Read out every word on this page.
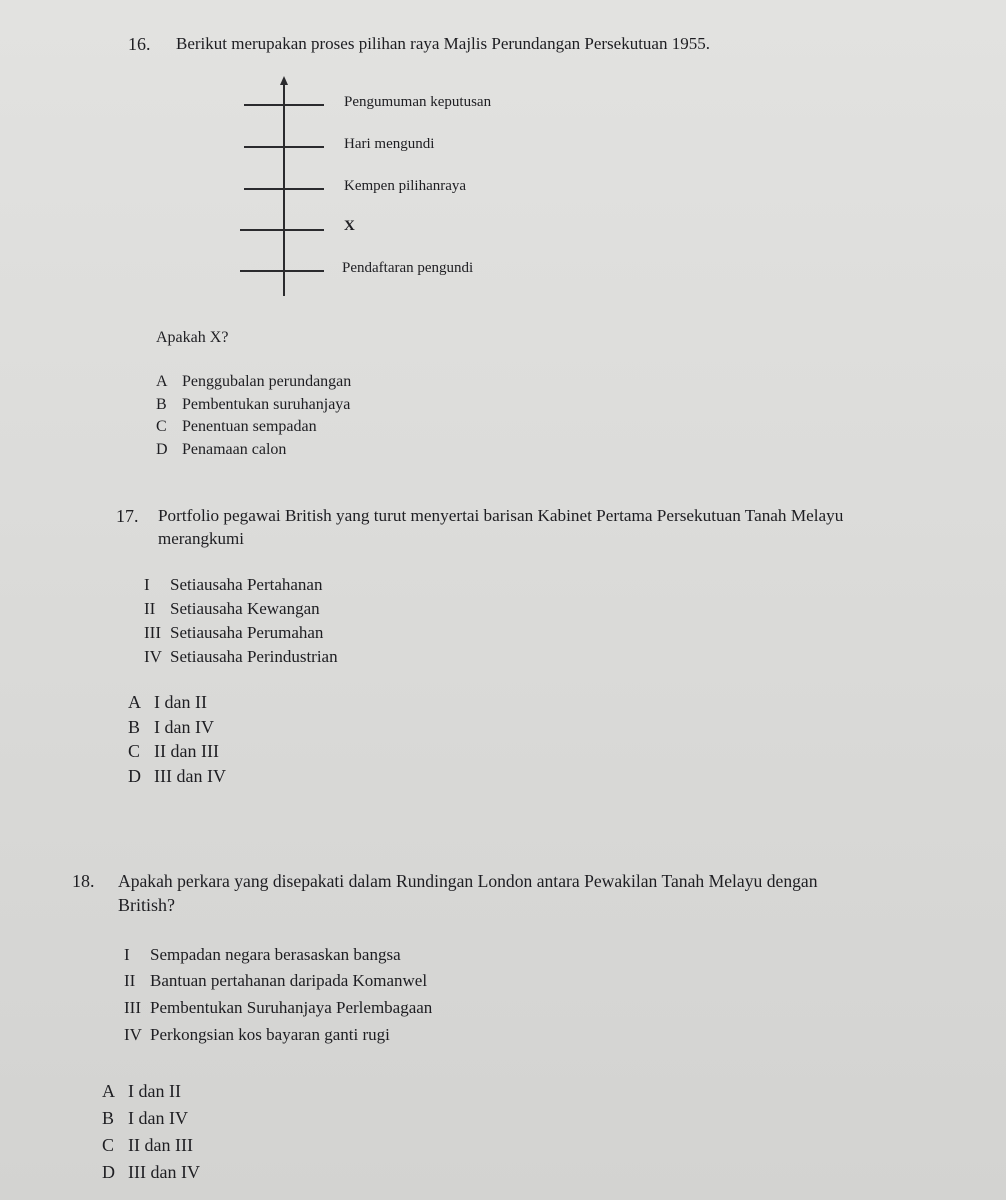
16. Berikut merupakan proses pilihan raya Majlis Perundangan Persekutuan 1955.
Pengumuman keputusan
Hari mengundi
Kempen pilihanraya
X
Pendaftaran pengundi
Apakah X?
A Penggubalan perundangan
B Pembentukan suruhanjaya
C Penentuan sempadan
D Penamaan calon
17. Portfolio pegawai British yang turut menyertai barisan Kabinet Pertama Persekutuan Tanah Melayu
merangkumi
I Setiausaha Pertahanan
II Setiausaha Kewangan
III Setiausaha Perumahan
IV Setiausaha Perindustrian
A I dan II
B I dan IV
C II dan III
D III dan IV
18. Apakah perkara yang disepakati dalam Rundingan London antara Pewakilan Tanah Melayu dengan
British?
I Sempadan negara berasaskan bangsa
II Bantuan pertahanan daripada Komanwel
III Pembentukan Suruhanjaya Perlembagaan
IV Perkongsian kos bayaran ganti rugi
A I dan II
B I dan IV
C II dan III
D III dan IV
